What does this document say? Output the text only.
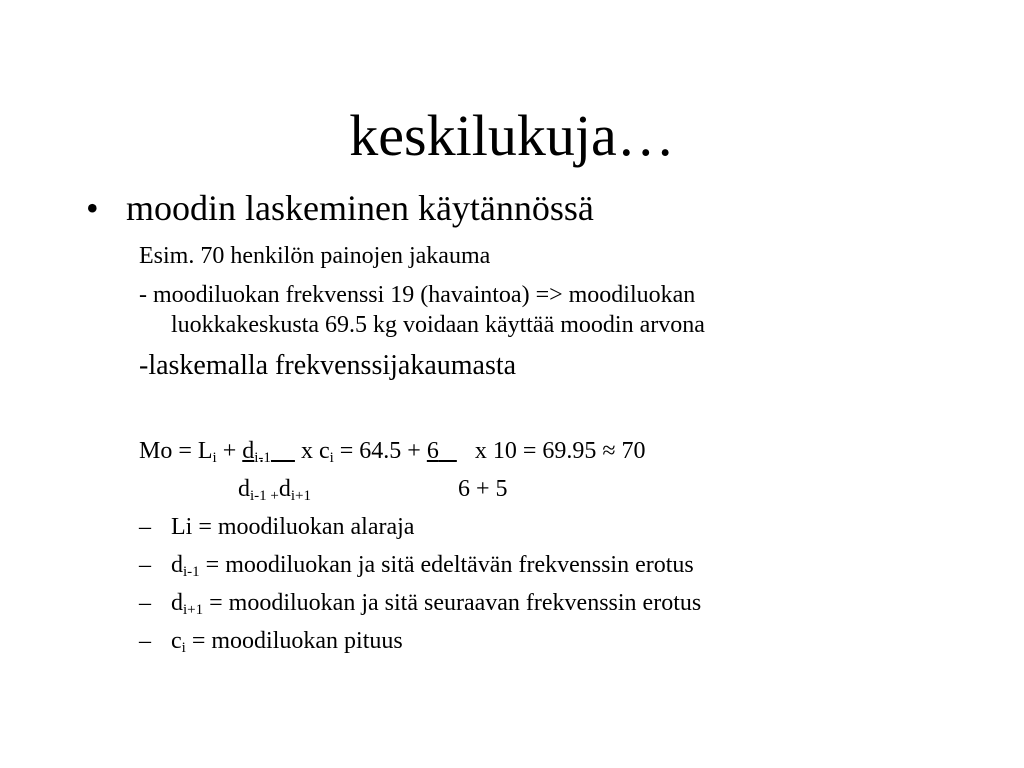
keskilukuja…
• moodin laskeminen käytännössä
Esim. 70 henkilön painojen jakauma
- moodiluokan frekvenssi 19 (havaintoa) => moodiluokan
luokkakeskusta 69.5 kg voidaan käyttää moodin arvona
-laskemalla frekvenssijakaumasta
$Mo = L_i + d_{i-1}$     x $c_i = 64.5 + 6$      x 10 = 69.95 ≈ 70
$d_{i-1 +}d_{i+1}$	6 + 5
– Li = moodiluokan alaraja
– $d_{i-1}$ = moodiluokan ja sitä edeltävän frekvenssin erotus
– $d_{i+1}$ = moodiluokan ja sitä seuraavan frekvenssin erotus
– $c_i$ = moodiluokan pituus
